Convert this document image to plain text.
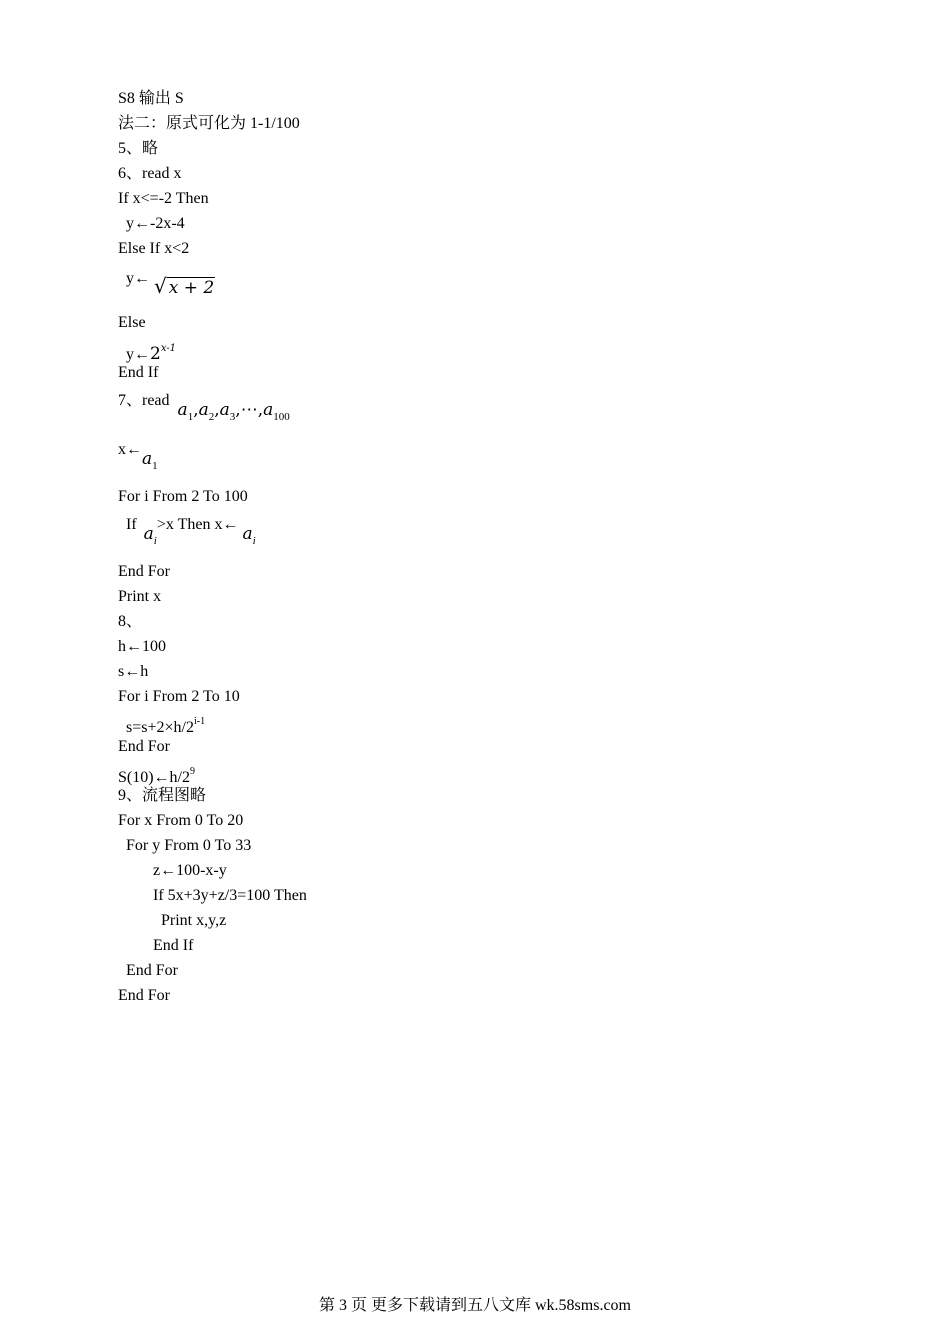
S8 输出 S
法二：原式可化为 1-1/100
5、略
6、read x
If x<=-2 Then
y←-2x-4
Else If x<2
y← √ x + 2
Else
y←2$^{x-1}$
End If
7、read $a_1,a_2,a_3,\cdots,a_{100}$
$x\leftarrow a_1$
For i From 2 To 100
If $a_i>x$ Then x← $a_i$
End For
Print x
8、
h←100
s←h
For i From 2 To 10
$s=s+2\times h/2^{i-1}$
End For
$S(10)\leftarrow h/2^9$
9、流程图略
For x From 0 To 20
For y From 0 To 33
z←100-x-y
If 5x+3y+z/3=100 Then
Print x,y,z
End If
End For
End For
第 3 页 更多下载请到五八文库 wk.58sms.com
